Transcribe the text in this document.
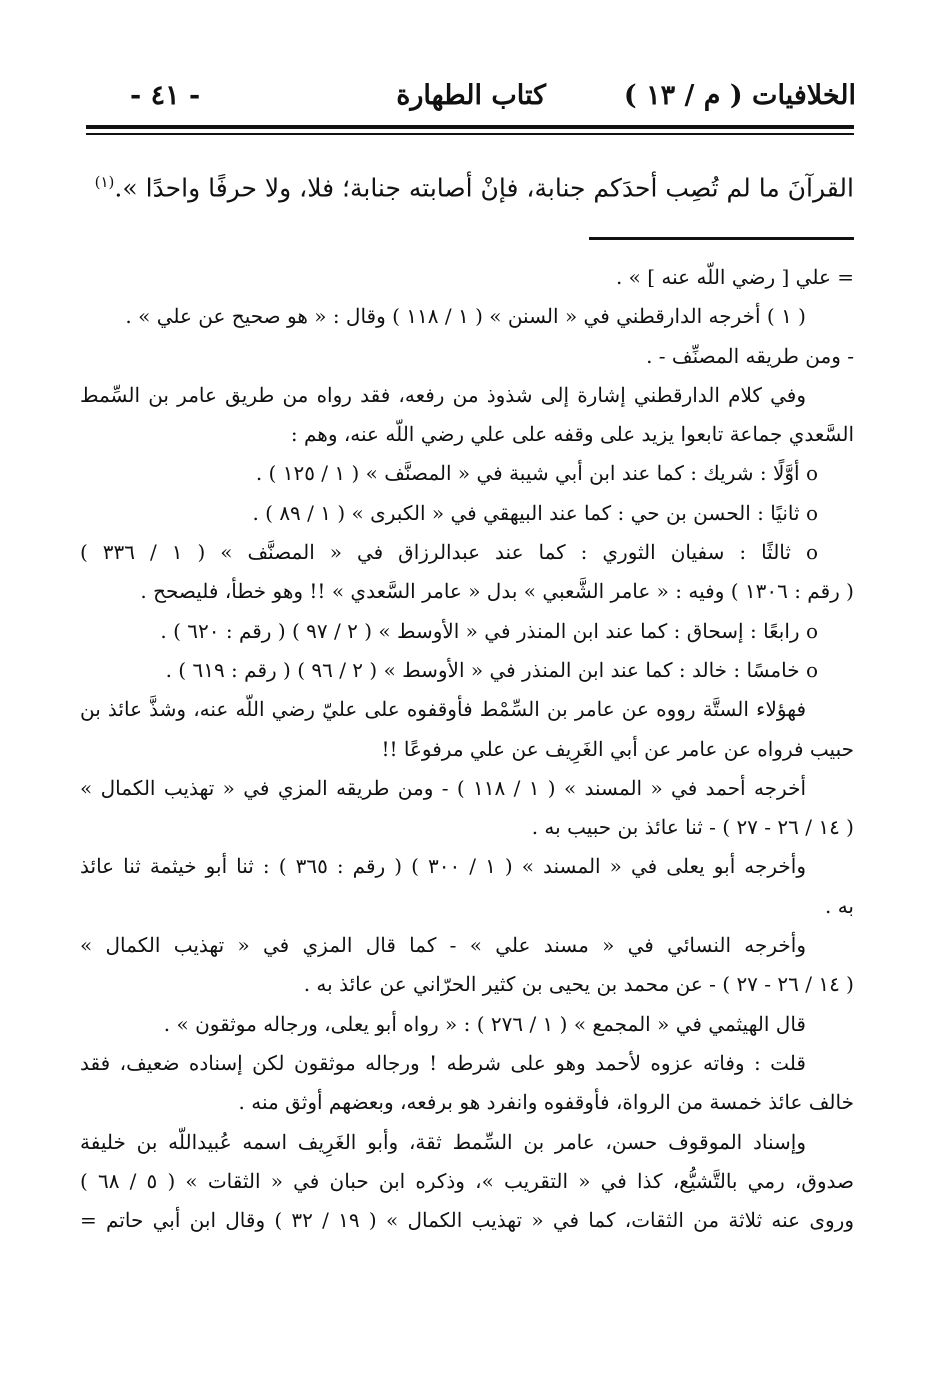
الخلافيات ( م / ١٣ )
كتاب الطهارة
- ٤١ -
القرآنَ ما لم تُصِب أحدَكم جنابة، فإنْ أصابته جنابة؛ فلا، ولا حرفًا واحدًا ».$^{(١)}$
= علي [ رضي اللّه عنه ] » .
( ١ ) أخرجه الدارقطني في « السنن » ( ١ / ١١٨ ) وقال : « هو صحيح عن علي » .
- ومن طريقه المصنِّف - .
وفي كلام الدارقطني إشارة إلى شذوذ من رفعه، فقد رواه من طريق عامر بن السِّمط
السَّعدي جماعة تابعوا يزيد على وقفه على علي رضي اللّه عنه، وهم :
o أوَّلًا : شريك : كما عند ابن أبي شيبة في « المصنَّف » ( ١ / ١٢٥ ) .
o ثانيًا : الحسن بن حي : كما عند البيهقي في « الكبرى » ( ١ / ٨٩ ) .
o ثالثًا : سفيان الثوري : كما عند عبدالرزاق في « المصنَّف » ( ١ / ٣٣٦ )
( رقم : ١٣٠٦ ) وفيه : « عامر الشَّعبي » بدل « عامر السَّعدي » !! وهو خطأ، فليصحح .
o رابعًا : إسحاق : كما عند ابن المنذر في « الأوسط » ( ٢ / ٩٧ ) ( رقم : ٦٢٠ ) .
o خامسًا : خالد : كما عند ابن المنذر في « الأوسط » ( ٢ / ٩٦ ) ( رقم : ٦١٩ ) .
فهؤلاء الستَّة رووه عن عامر بن السِّمْط فأوقفوه على عليّ رضي اللّه عنه، وشذَّ عائذ بن
حبيب فرواه عن عامر عن أبي الغَرِيف عن علي مرفوعًا !!
أخرجه أحمد في « المسند » ( ١ / ١١٨ ) - ومن طريقه المزي في « تهذيب الكمال »
( ١٤ / ٢٦ - ٢٧ ) - ثنا عائذ بن حبيب به .
وأخرجه أبو يعلى في « المسند » ( ١ / ٣٠٠ ) ( رقم : ٣٦٥ ) : ثنا أبو خيثمة ثنا عائذ
به .
وأخرجه النسائي في « مسند علي » - كما قال المزي في « تهذيب الكمال »
( ١٤ / ٢٦ - ٢٧ ) - عن محمد بن يحيى بن كثير الحرّاني عن عائذ به .
قال الهيثمي في « المجمع » ( ١ / ٢٧٦ ) : « رواه أبو يعلى، ورجاله موثقون » .
قلت : وفاته عزوه لأحمد وهو على شرطه ! ورجاله موثقون لكن إسناده ضعيف، فقد
خالف عائذ خمسة من الرواة، فأوقفوه وانفرد هو برفعه، وبعضهم أوثق منه .
وإسناد الموقوف حسن، عامر بن السِّمط ثقة، وأبو الغَرِيف اسمه عُبيداللّه بن خليفة
صدوق، رمي بالتَّشيُّع، كذا في « التقريب »، وذكره ابن حبان في « الثقات » ( ٥ / ٦٨ )
وروى عنه ثلاثة من الثقات، كما في « تهذيب الكمال » ( ١٩ / ٣٢ ) وقال ابن أبي حاتم =
